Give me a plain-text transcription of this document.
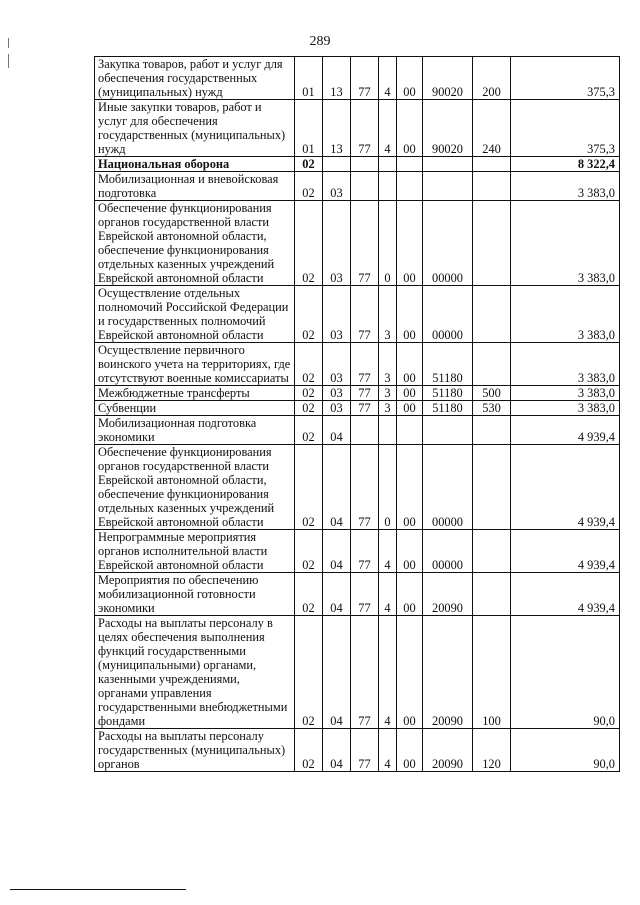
289
Закупка товаров, работ и услуг для обеспечения государственных (муниципальных) нужд	01	13	77	4	00	90020	200	375,3
Иные закупки товаров, работ и услуг для обеспечения государственных (муниципальных) нужд	01	13	77	4	00	90020	240	375,3
Национальная оборона	02							8 322,4
Мобилизационная и вневойсковая подготовка	02	03						3 383,0
Обеспечение функционирования органов государственной власти Еврейской автономной области, обеспечение функционирования отдельных казенных учреждений Еврейской автономной области	02	03	77	0	00	00000		3 383,0
Осуществление отдельных полномочий Российской Федерации и государственных полномочий Еврейской автономной области	02	03	77	3	00	00000		3 383,0
Осуществление первичного воинского учета на территориях, где отсутствуют военные комиссариаты	02	03	77	3	00	51180		3 383,0
Межбюджетные трансферты	02	03	77	3	00	51180	500	3 383,0
Субвенции	02	03	77	3	00	51180	530	3 383,0
Мобилизационная подготовка экономики	02	04						4 939,4
Обеспечение функционирования органов государственной власти Еврейской автономной области, обеспечение функционирования отдельных казенных учреждений Еврейской автономной области	02	04	77	0	00	00000		4 939,4
Непрограммные мероприятия органов исполнительной власти Еврейской автономной области	02	04	77	4	00	00000		4 939,4
Мероприятия по обеспечению мобилизационной готовности экономики	02	04	77	4	00	20090		4 939,4
Расходы на выплаты персоналу в целях обеспечения выполнения функций государственными (муниципальными) органами, казенными учреждениями, органами управления государственными внебюджетными фондами	02	04	77	4	00	20090	100	90,0
Расходы на выплаты персоналу государственных (муниципальных) органов	02	04	77	4	00	20090	120	90,0
